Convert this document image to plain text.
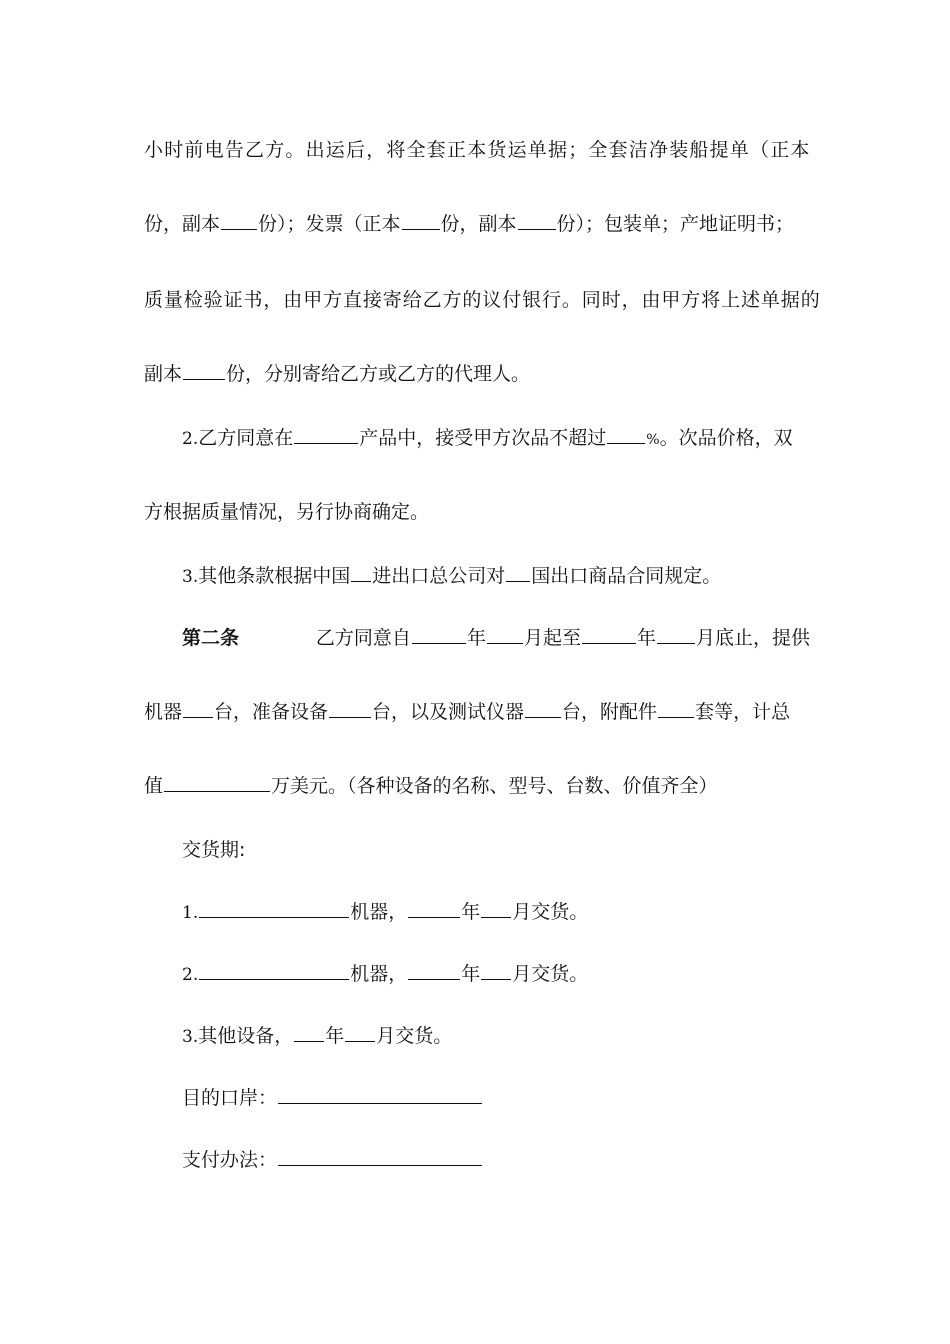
小时前电告乙方。出运后，将全套正本货运单据；全套洁净装船提单（正本
份，副本 份）；发票（正本 份，副本 份）；包装单；产地证明书；
质量检验证书，由甲方直接寄给乙方的议付银行。同时，由甲方将上述单据的
副本 份，分别寄给乙方或乙方的代理人。
2.乙方同意在	产品中，接受甲方次品不超过	%。次品价格，双
方根据质量情况，另行协商确定。
3.其他条款根据中国 进出口总公司对 国出口商品合同规定。
第二条	乙方同意自	年 月起至	年 月底止，提供
机器 台，准备设备 台，以及测试仪器 台，附配件 套等，计总
值	万美元。（各种设备的名称、型号、台数、价值齐全）
交货期:
1.	机器，	年 月交货。
2.	机器，	年 月交货。
3.其他设备， 年 月交货。
目的口岸：
支付办法：
